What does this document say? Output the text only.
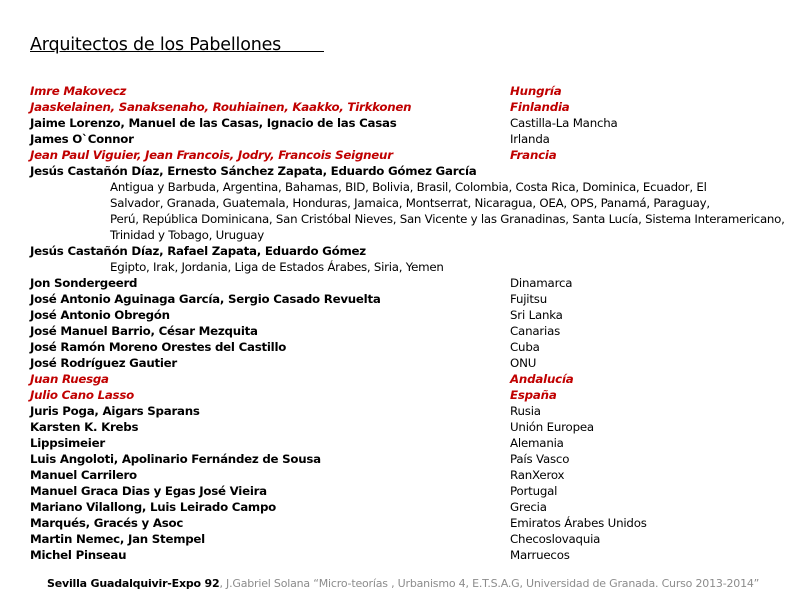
Arquitectos de los Pabellones
Imre Makovecz	Hungría
Jaaskelainen, Sanaksenaho, Rouhiainen, Kaakko, Tirkkonen	Finlandia
Jaime Lorenzo, Manuel de las Casas, Ignacio de las Casas	Castilla-La Mancha
James O`Connor	Irlanda
Jean Paul Viguier, Jean Francois, Jodry, Francois Seigneur	Francia
Jesús Castañón Díaz, Ernesto Sánchez Zapata, Eduardo Gómez García
Antigua y Barbuda, Argentina, Bahamas, BID, Bolivia, Brasil, Colombia, Costa Rica, Dominica, Ecuador, El
Salvador, Granada, Guatemala, Honduras, Jamaica, Montserrat, Nicaragua, OEA, OPS, Panamá, Paraguay,
Perú, República Dominicana, San Cristóbal Nieves, San Vicente y las Granadinas, Santa Lucía, Sistema Interamericano,
Trinidad y Tobago, Uruguay
Jesús Castañón Díaz, Rafael Zapata, Eduardo Gómez
Egipto, Irak, Jordania, Liga de Estados Árabes, Siria, Yemen
Jon Sondergeerd	Dinamarca
José Antonio Aguinaga García, Sergio Casado Revuelta	Fujitsu
José Antonio Obregón	Sri Lanka
José Manuel Barrio, César Mezquita	Canarias
José Ramón Moreno Orestes del Castillo	Cuba
José Rodríguez Gautier	ONU
Juan Ruesga	Andalucía
Julio Cano Lasso	España
Juris Poga, Aigars Sparans	Rusia
Karsten K. Krebs	Unión Europea
Lippsimeier	Alemania
Luis Angoloti, Apolinario Fernández de Sousa	País Vasco
Manuel Carrilero	RanXerox
Manuel Graca Dias y Egas José Vieira	Portugal
Mariano Vilallong, Luis Leirado Campo	Grecia
Marqués, Gracés y Asoc	Emiratos Árabes Unidos
Martin Nemec, Jan Stempel	Checoslovaquia
Michel Pinseau	Marruecos
Sevilla Guadalquivir-Expo 92, J.Gabriel Solana “Micro-teorías , Urbanismo 4, E.T.S.A.G, Universidad de Granada. Curso 2013-2014”
